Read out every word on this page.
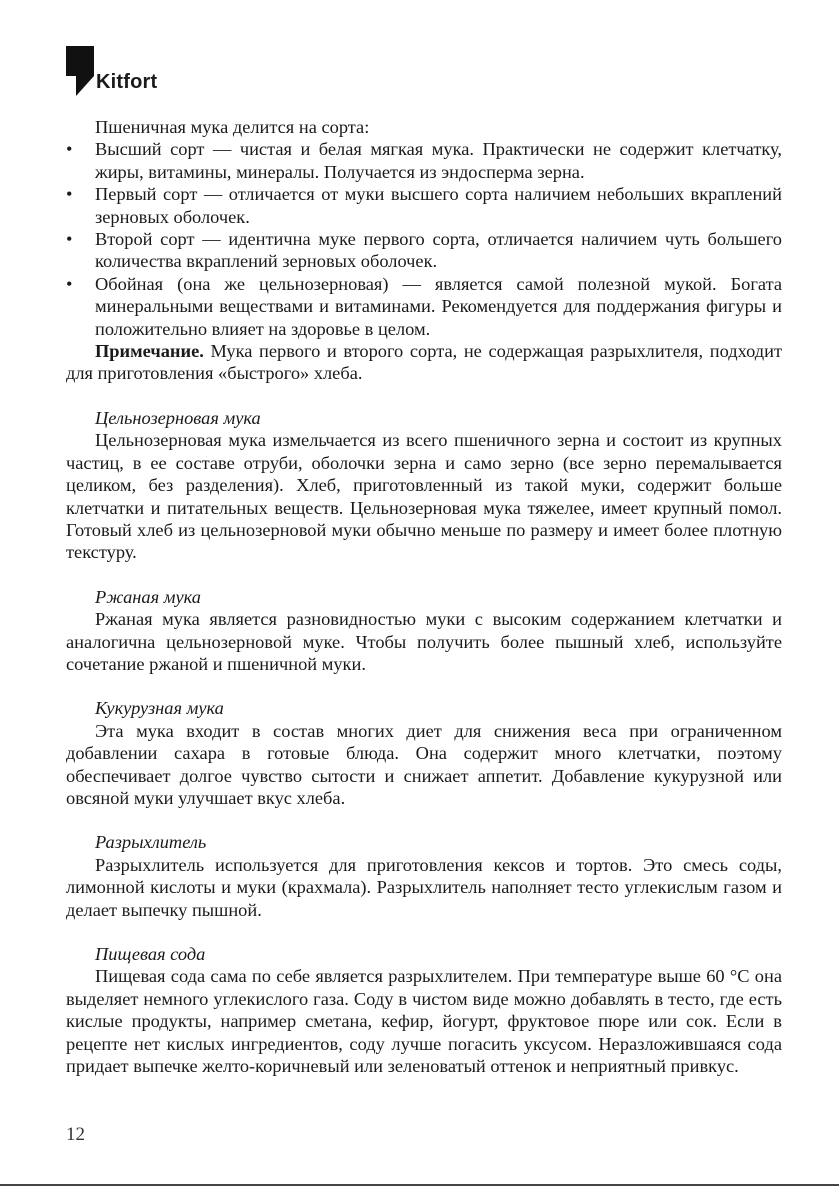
Kitfort

Пшеничная мука делится на сорта:

•	Высший сорт — чистая и белая мягкая мука. Практически не содержит клетчатку, жиры, витамины, минералы. Получается из эндосперма зерна.
•	Первый сорт — отличается от муки высшего сорта наличием небольших вкраплений зерновых оболочек.
•	Второй сорт — идентична муке первого сорта, отличается наличием чуть большего количества вкраплений зерновых оболочек.
•	Обойная (она же цельнозерновая) — является самой полезной мукой. Богата минеральными веществами и витаминами. Рекомендуется для поддержания фигуры и положительно влияет на здоровье в целом.

Примечание. Мука первого и второго сорта, не содержащая разрыхлителя, подходит для приготовления «быстрого» хлеба.

Цельнозерновая мука

Цельнозерновая мука измельчается из всего пшеничного зерна и состоит из крупных частиц, в ее составе отруби, оболочки зерна и само зерно (все зерно перемалывается целиком, без разделения). Хлеб, приготовленный из такой муки, содержит больше клетчатки и питательных веществ. Цельнозерновая мука тяжелее, имеет крупный помол. Готовый хлеб из цельнозерновой муки обычно меньше по размеру и имеет более плотную текстуру.

Ржаная мука

Ржаная мука является разновидностью муки с высоким содержанием клетчатки и аналогична цельнозерновой муке. Чтобы получить более пышный хлеб, используйте сочетание ржаной и пшеничной муки.

Кукурузная мука

Эта мука входит в состав многих диет для снижения веса при ограниченном добавлении сахара в готовые блюда. Она содержит много клетчатки, поэтому обеспечивает долгое чувство сытости и снижает аппетит. Добавление кукурузной или овсяной муки улучшает вкус хлеба.

Разрыхлитель

Разрыхлитель используется для приготовления кексов и тортов. Это смесь соды, лимонной кислоты и муки (крахмала). Разрыхлитель наполняет тесто углекислым газом и делает выпечку пышной.

Пищевая сода

Пищевая сода сама по себе является разрыхлителем. При температуре выше 60 °C она выделяет немного углекислого газа. Соду в чистом виде можно добавлять в тесто, где есть кислые продукты, например сметана, кефир, йогурт, фруктовое пюре или сок. Если в рецепте нет кислых ингредиентов, соду лучше погасить уксусом. Неразложившаяся сода придает выпечке желто-коричневый или зеленоватый оттенок и неприятный привкус.

12
